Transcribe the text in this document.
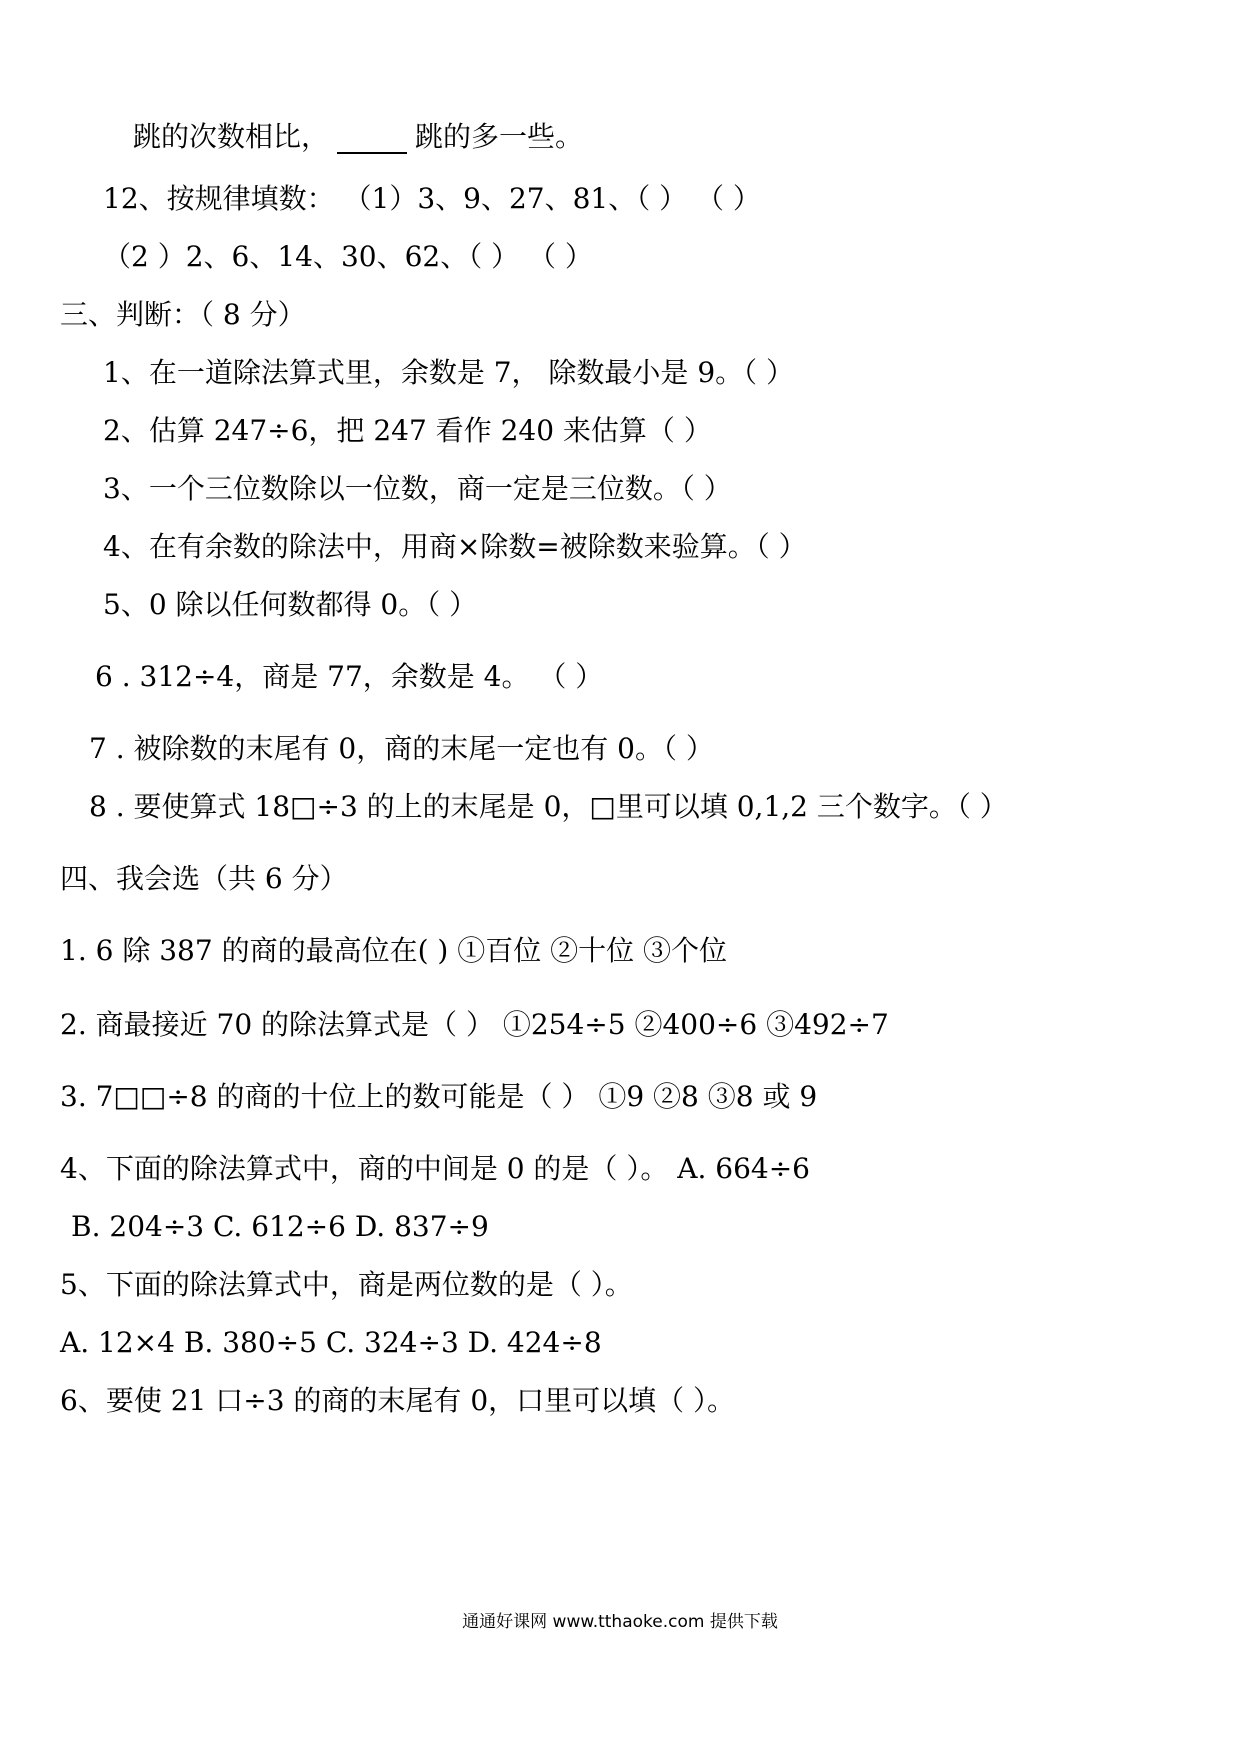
跳的次数相比，	跳的多一些。
12、按规律填数： （1）3、9、27、81、（ ） （ ）
（2 ）2、6、14、30、62、（ ） （ ）
三、判断：（ 8 分）
1、在一道除法算式里，余数是 7， 除数最小是 9。（ ）
2、估算 247÷6，把 247 看作 240 来估算（ ）
3、一个三位数除以一位数，商一定是三位数。（ ）
4、在有余数的除法中，用商×除数=被除数来验算。（ ）
5、0 除以任何数都得 0。（ ）
6 . 312÷4，商是 77，余数是 4。 （ ）
7 . 被除数的末尾有 0，商的末尾一定也有 0。（ ）
8 . 要使算式 18□÷3 的上的末尾是 0，□里可以填 0,1,2 三个数字。（ ）
四、我会选（共 6 分）
1. 6 除 387 的商的最高位在( ) ①百位 ②十位 ③个位
2. 商最接近 70 的除法算式是（ ） ①254÷5 ②400÷6 ③492÷7
3. 7□□÷8 的商的十位上的数可能是（ ） ①9 ②8 ③8 或 9
4、下面的除法算式中，商的中间是 0 的是（ ）。 A. 664÷6
B. 204÷3 C. 612÷6 D. 837÷9
5、下面的除法算式中，商是两位数的是（ ）。
A. 12×4 B. 380÷5 C. 324÷3 D. 424÷8
6、要使 21 口÷3 的商的末尾有 0，口里可以填（ ）。
通通好课网 www.tthaoke.com 提供下载
